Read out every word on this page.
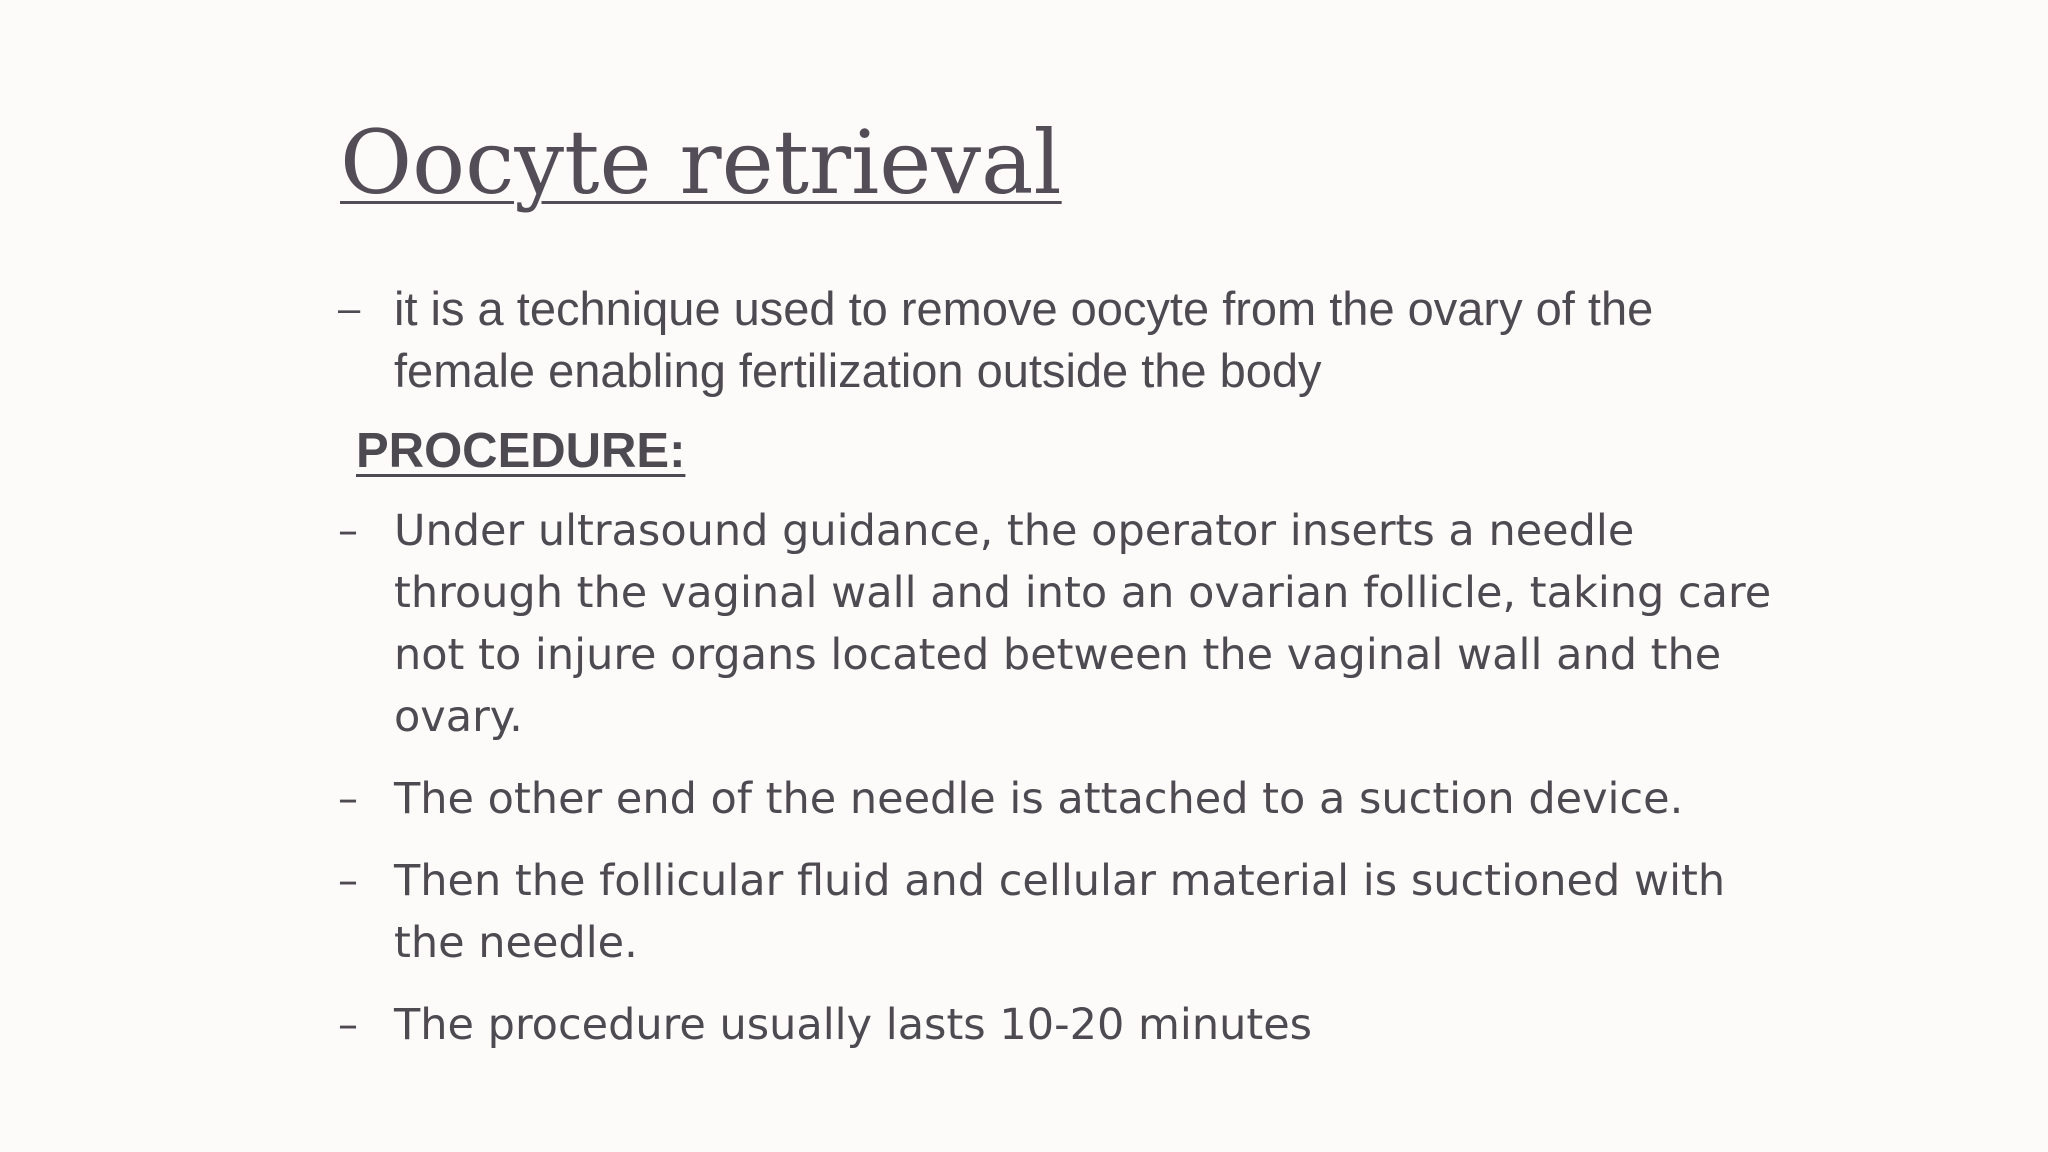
Oocyte retrieval

– it is a technique used to remove oocyte from the ovary of the female enabling fertilization outside the body

PROCEDURE:

– Under ultrasound guidance, the operator inserts a needle through the vaginal wall and into an ovarian follicle, taking care not to injure organs located between the vaginal wall and the ovary.

– The other end of the needle is attached to a suction device.

– Then the follicular fluid and cellular material is suctioned with the needle.

– The procedure usually lasts 10-20 minutes
